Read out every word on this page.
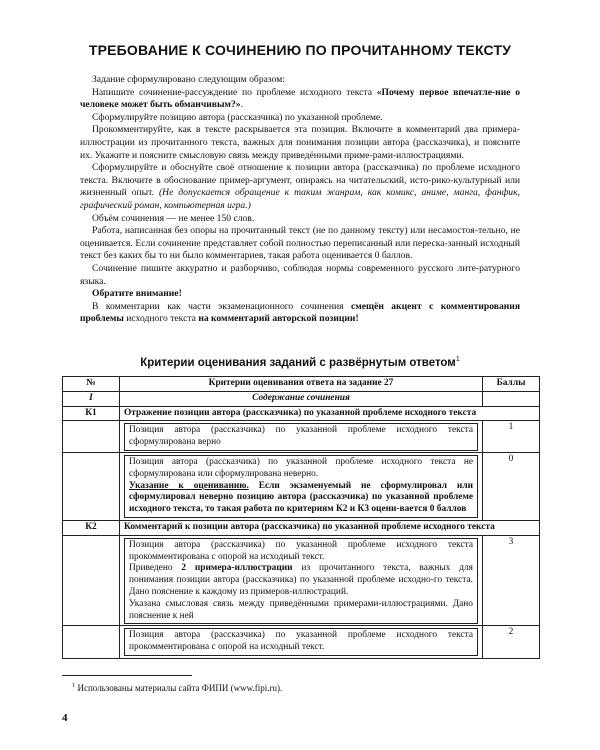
ТРЕБОВАНИЕ К СОЧИНЕНИЮ ПО ПРОЧИТАННОМУ ТЕКСТУ

Задание сформулировано следующим образом:

Напишите сочинение-рассуждение по проблеме исходного текста «Почему первое впечатле-ние о человеке может быть обманчивым?».

Сформулируйте позицию автора (рассказчика) по указанной проблеме.

Прокомментируйте, как в тексте раскрывается эта позиция. Включите в комментарий два примера-иллюстрации из прочитанного текста, важных для понимания позиции автора (рассказчика), и поясните их. Укажите и поясните смысловую связь между приведёнными приме-рами-иллюстрациями.

Сформулируйте и обоснуйте своё отношение к позиции автора (рассказчика) по проблеме исходного текста. Включите в обоснование пример-аргумент, опираясь на читательский, исто-рико-культурный или жизненный опыт. (Не допускается обращение к таким жанрам, как комикс, аниме, манга, фанфик, графический роман, компьютерная игра.)

Объём сочинения — не менее 150 слов.

Работа, написанная без опоры на прочитанный текст (не по данному тексту) или несамостоя-тельно, не оценивается. Если сочинение представляет собой полностью переписанный или переска-занный исходный текст без каких бы то ни было комментариев, такая работа оценивается 0 баллов.

Сочинение пишите аккуратно и разборчиво, соблюдая нормы современного русского лите-ратурного языка.

Обратите внимание!

В комментарии как части экзаменационного сочинения смещён акцент с комментирования проблемы исходного текста на комментарий авторской позиции!

Критерии оценивания заданий с развёрнутым ответом$^1$
№	Критерии оценивания ответа на задание 27	Баллы
I	Содержание сочинения	
К1	Отражение позиции автора (рассказчика) по указанной проблеме исходного текста	

	Позиция автора (рассказчика) по указанной проблеме исходного текста сформулирована верно	1

	Позиция автора (рассказчика) по указанной проблеме исходного текста не сформулирована или сформулирована неверно.
Указание к оцениванию. Если экзаменуемый не сформулировал или сформулировал неверно позицию автора (рассказчика) по указанной проблеме исходного текста, то такая работа по критериям К2 и К3 оцени-вается 0 баллов	0
К2	Комментарий к позиции автора (рассказчика) по указанной проблеме исходного текста	

	Позиция автора (рассказчика) по указанной проблеме исходного текста прокомментирована с опорой на исходный текст.
Приведено 2 примера-иллюстрации из прочитанного текста, важных для понимания позиции автора (рассказчика) по указанной проблеме исходно-го текста. Дано пояснение к каждому из примеров-иллюстраций.
Указана смысловая связь между приведёнными примерами-иллюстрациями. Дано пояснение к ней	3

	Позиция автора (рассказчика) по указанной проблеме исходного текста прокомментирована с опорой на исходный текст.	2
$^1$ Использованы материалы сайта ФИПИ (www.fipi.ru).
4
